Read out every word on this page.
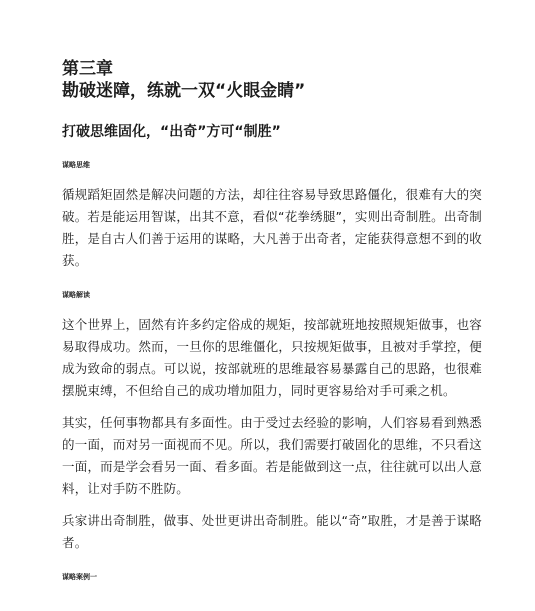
第三章
勘破迷障，练就一双“火眼金睛”
打破思维固化，“出奇”方可“制胜”
谋略思维

循规蹈矩固然是解决问题的方法，却往往容易导致思路僵化，很难有大的突破。若是能运用智谋，出其不意，看似“花拳绣腿”，实则出奇制胜。出奇制胜，是自古人们善于运用的谋略，大凡善于出奇者，定能获得意想不到的收获。

谋略解读

这个世界上，固然有许多约定俗成的规矩，按部就班地按照规矩做事，也容易取得成功。然而，一旦你的思维僵化，只按规矩做事，且被对手掌控，便成为致命的弱点。可以说，按部就班的思维最容易暴露自己的思路，也很难摆脱束缚，不但给自己的成功增加阻力，同时更容易给对手可乘之机。

其实，任何事物都具有多面性。由于受过去经验的影响，人们容易看到熟悉的一面，而对另一面视而不见。所以，我们需要打破固化的思维，不只看这一面，而是学会看另一面、看多面。若是能做到这一点，往往就可以出人意料，让对手防不胜防。

兵家讲出奇制胜，做事、处世更讲出奇制胜。能以“奇”取胜，才是善于谋略者。

谋略案例一
